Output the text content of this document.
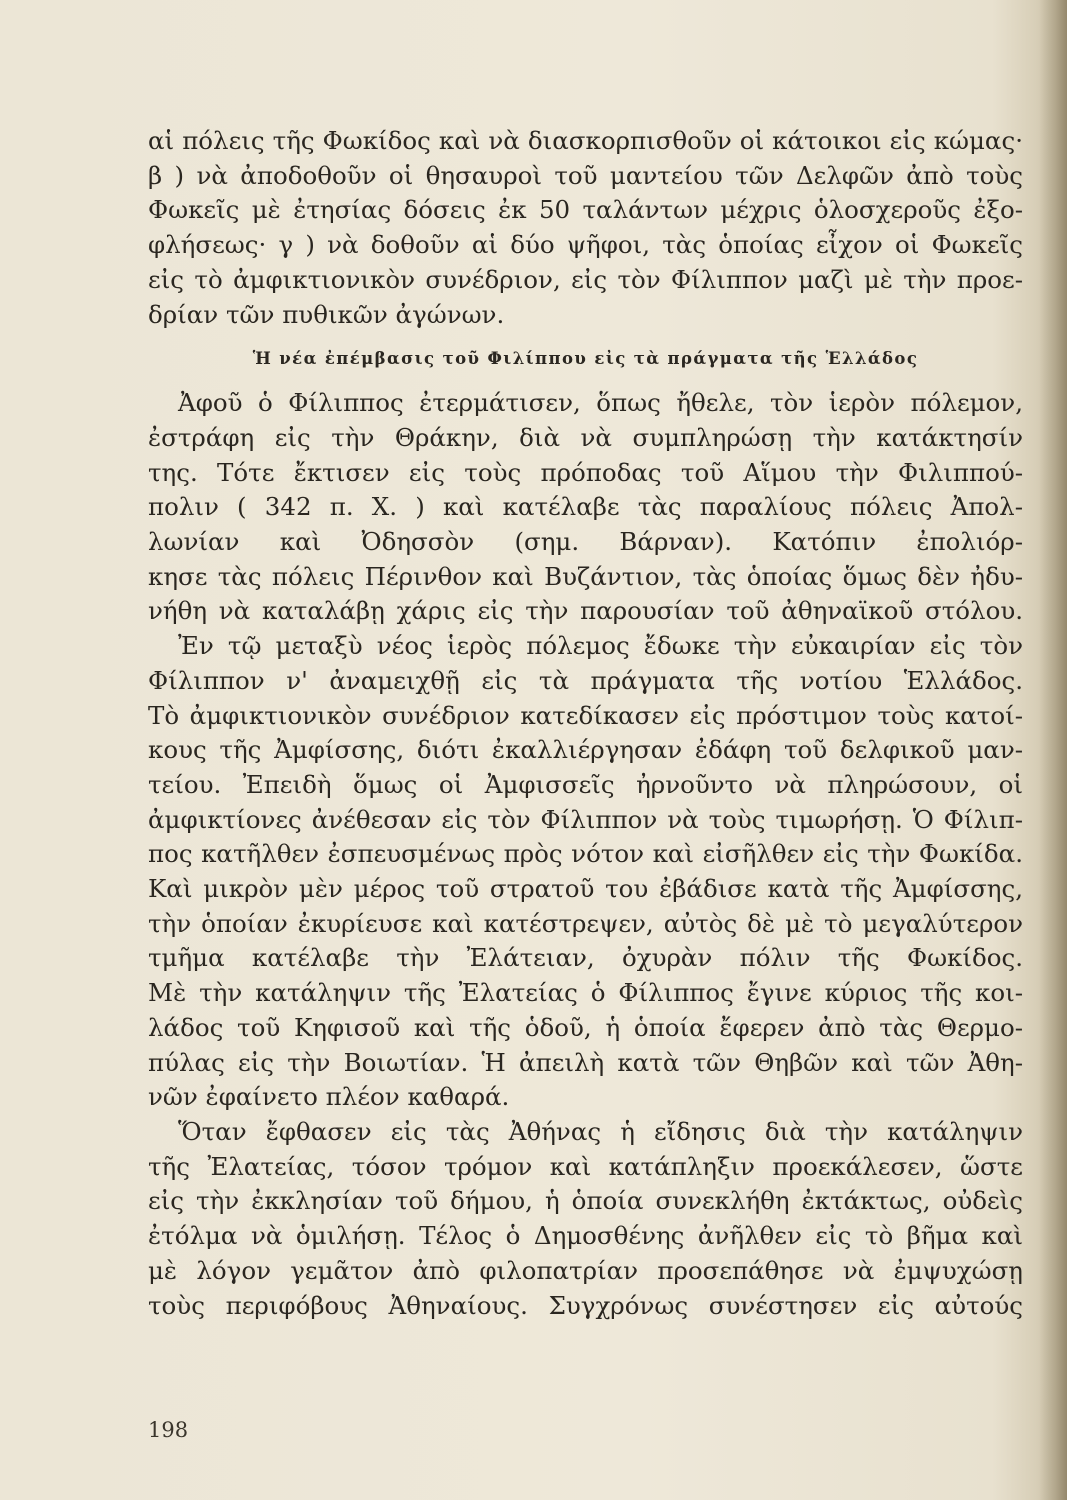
αἱ πόλεις τῆς Φωκίδος καὶ νὰ διασκορπισθοῦν οἱ κάτοικοι εἰς κώμας·
β ) νὰ ἀποδοθοῦν οἱ θησαυροὶ τοῦ μαντείου τῶν Δελφῶν ἀπὸ τοὺς
Φωκεῖς μὲ ἐτησίας δόσεις ἐκ 50 ταλάντων μέχρις ὁλοσχεροῦς ἐξο-
φλήσεως· γ ) νὰ δοθοῦν αἱ δύο ψῆφοι, τὰς ὁποίας εἶχον οἱ Φωκεῖς
εἰς τὸ ἀμφικτιονικὸν συνέδριον, εἰς τὸν Φίλιππον μαζὶ μὲ τὴν προε-
δρίαν τῶν πυθικῶν ἀγώνων.

Ἡ νέα ἐπέμβασις τοῦ Φιλίππου εἰς τὰ πράγματα τῆς Ἑλλάδος

Ἀφοῦ ὁ Φίλιππος ἐτερμάτισεν, ὅπως ἤθελε, τὸν ἱερὸν πόλεμον,
ἐστράφη εἰς τὴν Θράκην, διὰ νὰ συμπληρώσῃ τὴν κατάκτησίν
της. Τότε ἔκτισεν εἰς τοὺς πρόποδας τοῦ Αἵμου τὴν Φιλιππού-
πολιν ( 342 π. Χ. ) καὶ κατέλαβε τὰς παραλίους πόλεις Ἀπολ-
λωνίαν καὶ Ὀδησσὸν (σημ. Βάρναν). Κατόπιν ἐπολιόρ-
κησε τὰς πόλεις Πέρινθον καὶ Βυζάντιον, τὰς ὁποίας ὅμως δὲν ἠδυ-
νήθη νὰ καταλάβῃ χάρις εἰς τὴν παρουσίαν τοῦ ἀθηναϊκοῦ στόλου.

Ἐν τῷ μεταξὺ νέος ἱερὸς πόλεμος ἔδωκε τὴν εὐκαιρίαν εἰς τὸν
Φίλιππον ν' ἀναμειχθῇ εἰς τὰ πράγματα τῆς νοτίου Ἑλλάδος.
Τὸ ἀμφικτιονικὸν συνέδριον κατεδίκασεν εἰς πρόστιμον τοὺς κατοί-
κους τῆς Ἀμφίσσης, διότι ἐκαλλιέργησαν ἐδάφη τοῦ δελφικοῦ μαν-
τείου. Ἐπειδὴ ὅμως οἱ Ἀμφισσεῖς ἠρνοῦντο νὰ πληρώσουν, οἱ
ἀμφικτίονες ἀνέθεσαν εἰς τὸν Φίλιππον νὰ τοὺς τιμωρήσῃ. Ὁ Φίλιπ-
πος κατῆλθεν ἐσπευσμένως πρὸς νότον καὶ εἰσῆλθεν εἰς τὴν Φωκίδα.
Καὶ μικρὸν μὲν μέρος τοῦ στρατοῦ του ἐβάδισε κατὰ τῆς Ἀμφίσσης,
τὴν ὁποίαν ἐκυρίευσε καὶ κατέστρεψεν, αὐτὸς δὲ μὲ τὸ μεγαλύτερον
τμῆμα κατέλαβε τὴν Ἐλάτειαν, ὀχυρὰν πόλιν τῆς Φωκίδος.
Μὲ τὴν κατάληψιν τῆς Ἐλατείας ὁ Φίλιππος ἔγινε κύριος τῆς κοι-
λάδος τοῦ Κηφισοῦ καὶ τῆς ὁδοῦ, ἡ ὁποία ἔφερεν ἀπὸ τὰς Θερμο-
πύλας εἰς τὴν Βοιωτίαν. Ἡ ἀπειλὴ κατὰ τῶν Θηβῶν καὶ τῶν Ἀθη-
νῶν ἐφαίνετο πλέον καθαρά.

Ὅταν ἔφθασεν εἰς τὰς Ἀθήνας ἡ εἴδησις διὰ τὴν κατάληψιν
τῆς Ἐλατείας, τόσον τρόμον καὶ κατάπληξιν προεκάλεσεν, ὥστε
εἰς τὴν ἐκκλησίαν τοῦ δήμου, ἡ ὁποία συνεκλήθη ἐκτάκτως, οὐδεὶς
ἐτόλμα νὰ ὁμιλήσῃ. Τέλος ὁ Δημοσθένης ἀνῆλθεν εἰς τὸ βῆμα καὶ
μὲ λόγον γεμᾶτον ἀπὸ φιλοπατρίαν προσεπάθησε νὰ ἐμψυχώσῃ
τοὺς περιφόβους Ἀθηναίους. Συγχρόνως συνέστησεν εἰς αὐτούς

198
